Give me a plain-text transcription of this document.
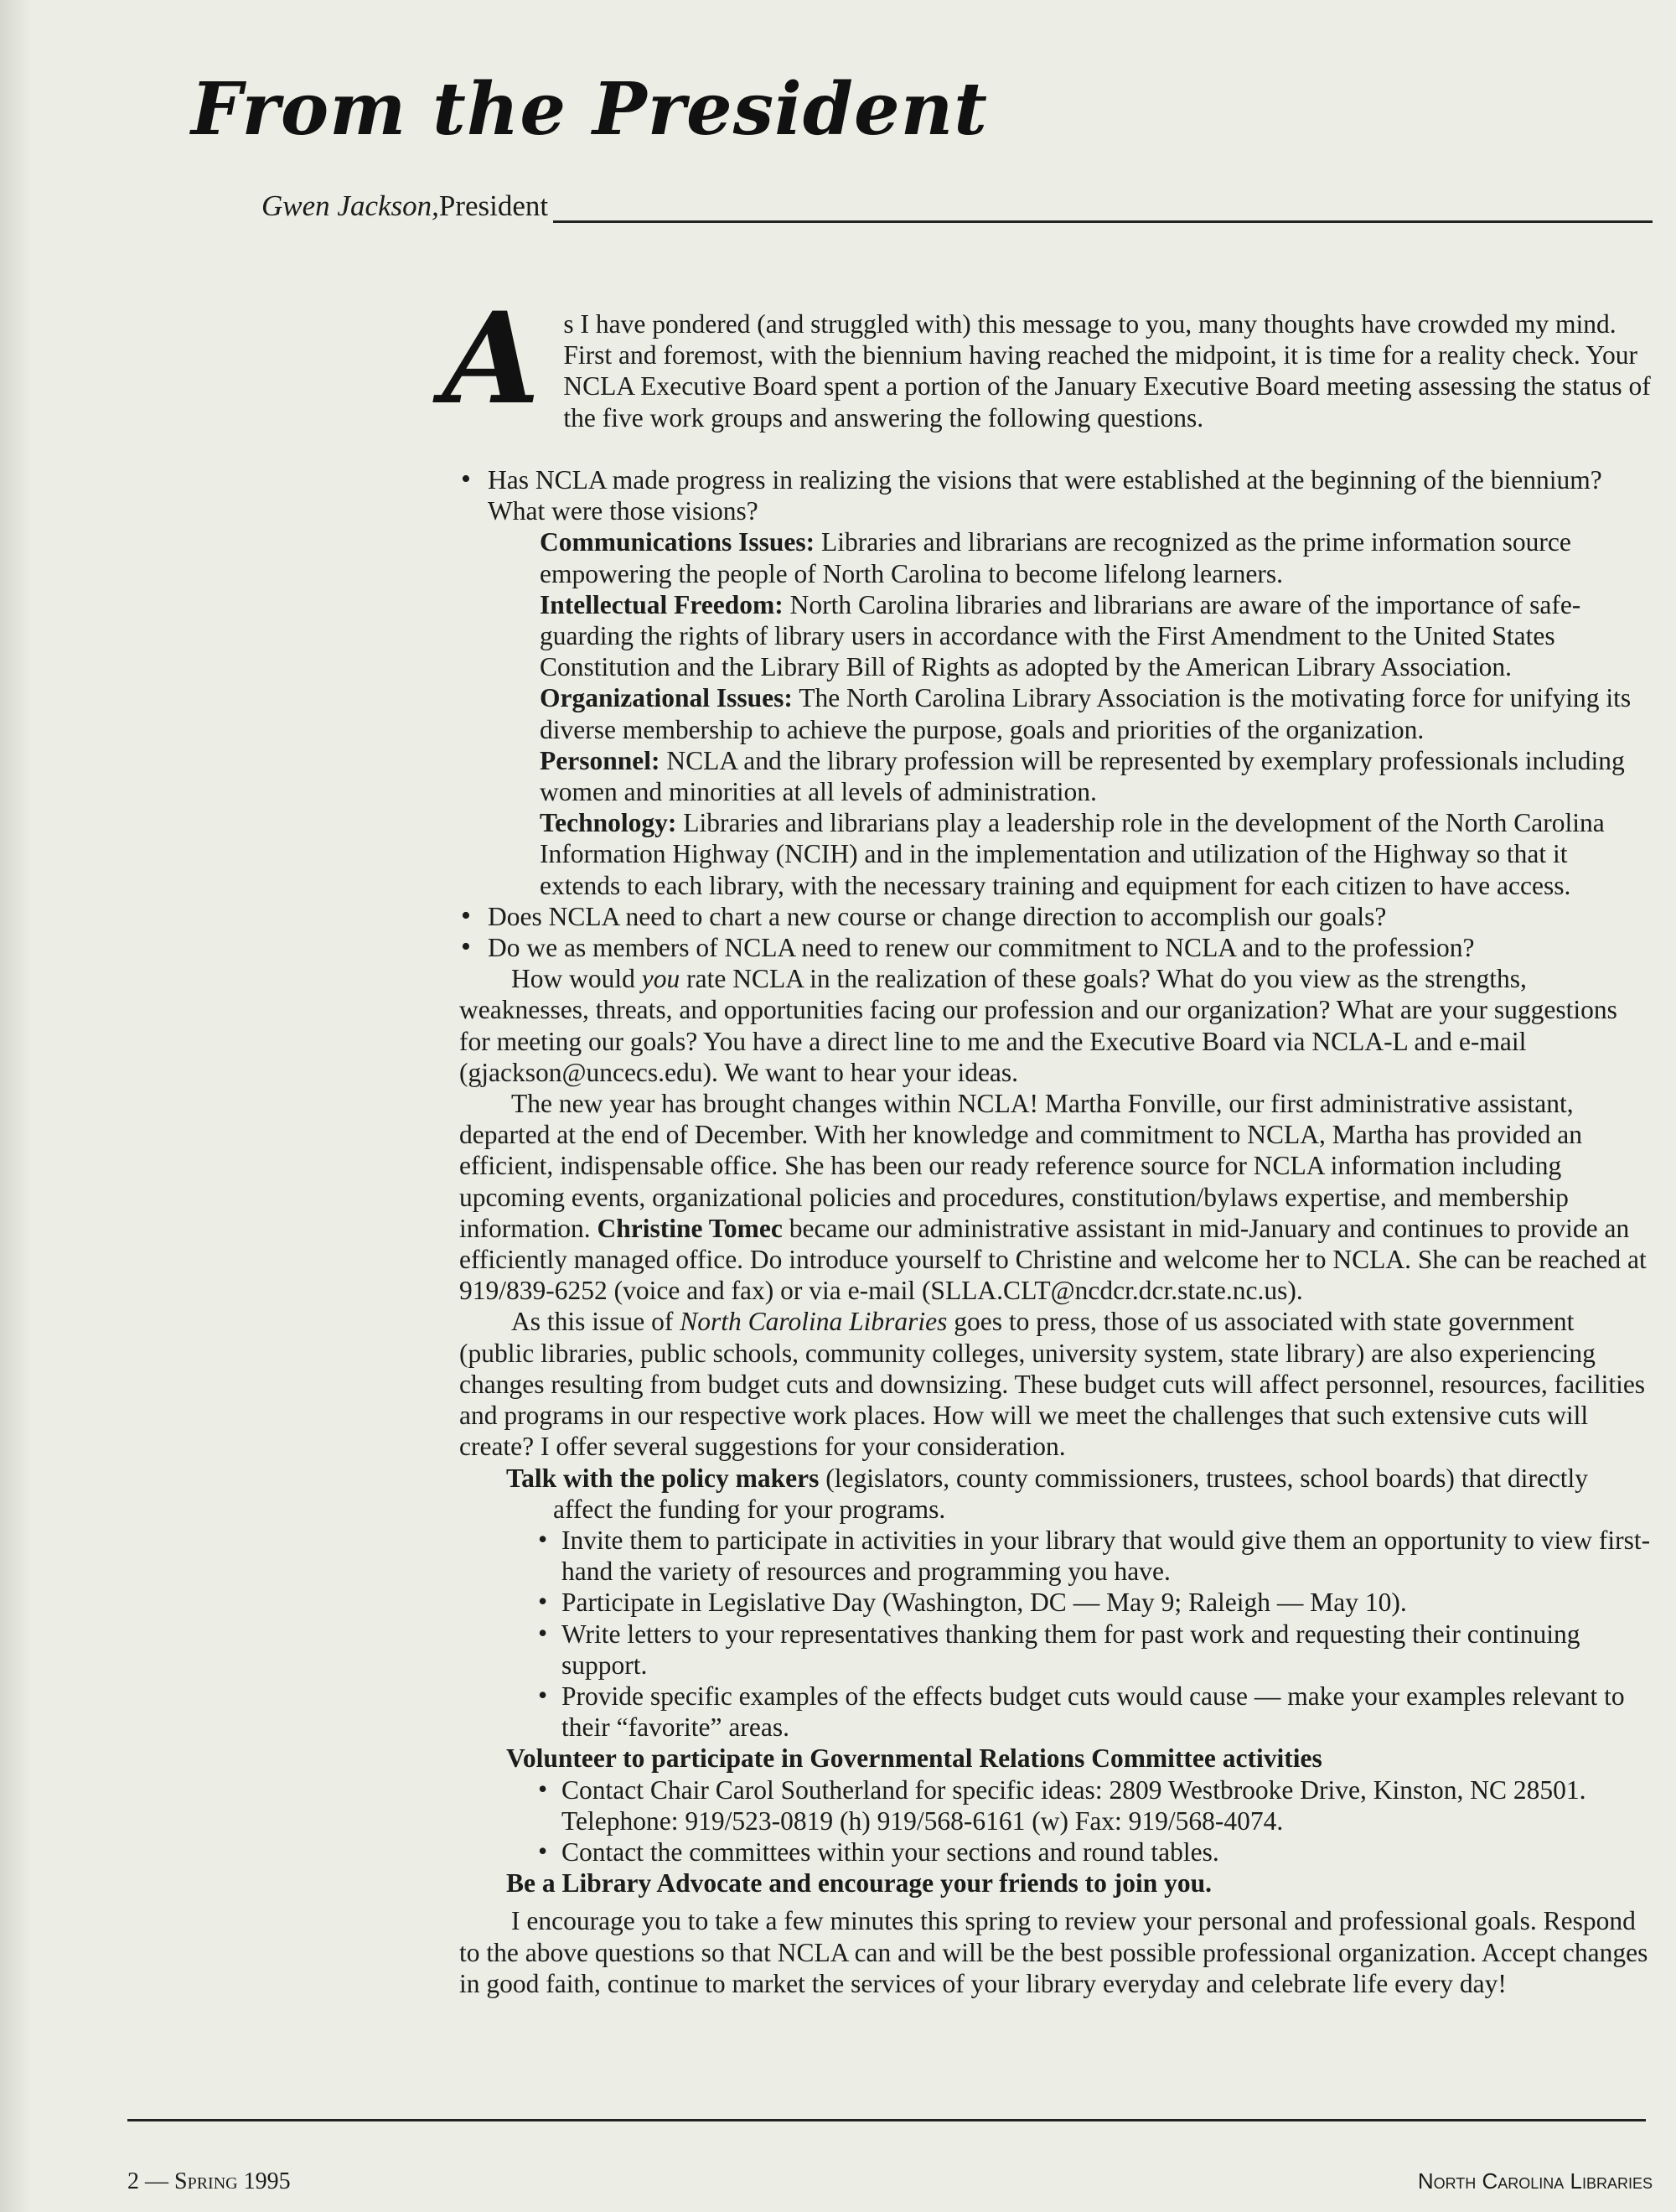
From the President
Gwen Jackson, President

As I have pondered (and struggled with) this message to you, many thoughts have crowded my mind. First and foremost, with the biennium having reached the midpoint, it is time for a reality check. Your NCLA Executive Board spent a portion of the January Executive Board meeting assessing the status of the five work groups and answering the following questions.

• Has NCLA made progress in realizing the visions that were established at the beginning of the biennium? What were those visions?

Communications Issues: Libraries and librarians are recognized as the prime information source empowering the people of North Carolina to become lifelong learners.

Intellectual Freedom: North Carolina libraries and librarians are aware of the importance of safe-guarding the rights of library users in accordance with the First Amendment to the United States Constitution and the Library Bill of Rights as adopted by the American Library Association.

Organizational Issues: The North Carolina Library Association is the motivating force for unifying its diverse membership to achieve the purpose, goals and priorities of the organization.

Personnel: NCLA and the library profession will be represented by exemplary professionals including women and minorities at all levels of administration.

Technology: Libraries and librarians play a leadership role in the development of the North Carolina Information Highway (NCIH) and in the implementation and utilization of the Highway so that it extends to each library, with the necessary training and equipment for each citizen to have access.

• Does NCLA need to chart a new course or change direction to accomplish our goals?
• Do we as members of NCLA need to renew our commitment to NCLA and to the profession?

How would you rate NCLA in the realization of these goals? What do you view as the strengths, weaknesses, threats, and opportunities facing our profession and our organization? What are your suggestions for meeting our goals? You have a direct line to me and the Executive Board via NCLA-L and e-mail (gjackson@uncecs.edu). We want to hear your ideas.

The new year has brought changes within NCLA! Martha Fonville, our first administrative assistant, departed at the end of December. With her knowledge and commitment to NCLA, Martha has provided an efficient, indispensable office. She has been our ready reference source for NCLA information including upcoming events, organizational policies and procedures, constitution/bylaws expertise, and membership information. Christine Tomec became our administrative assistant in mid-January and continues to provide an efficiently managed office. Do introduce yourself to Christine and welcome her to NCLA. She can be reached at 919/839-6252 (voice and fax) or via e-mail (SLLA.CLT@ncdcr.dcr.state.nc.us).

As this issue of North Carolina Libraries goes to press, those of us associated with state government (public libraries, public schools, community colleges, university system, state library) are also experiencing changes resulting from budget cuts and downsizing. These budget cuts will affect personnel, resources, facilities and programs in our respective work places. How will we meet the challenges that such extensive cuts will create? I offer several suggestions for your consideration.

Talk with the policy makers (legislators, county commissioners, trustees, school boards) that directly affect the funding for your programs.
• Invite them to participate in activities in your library that would give them an opportunity to view first-hand the variety of resources and programming you have.
• Participate in Legislative Day (Washington, DC — May 9; Raleigh — May 10).
• Write letters to your representatives thanking them for past work and requesting their continuing support.
• Provide specific examples of the effects budget cuts would cause — make your examples relevant to their “favorite” areas.
Volunteer to participate in Governmental Relations Committee activities
• Contact Chair Carol Southerland for specific ideas: 2809 Westbrooke Drive, Kinston, NC 28501. Telephone: 919/523-0819 (h) 919/568-6161 (w) Fax: 919/568-4074.
• Contact the committees within your sections and round tables.
Be a Library Advocate and encourage your friends to join you.

I encourage you to take a few minutes this spring to review your personal and professional goals. Respond to the above questions so that NCLA can and will be the best possible professional organization. Accept changes in good faith, continue to market the services of your library everyday and celebrate life every day!

2 — Spring 1995	North Carolina Libraries
